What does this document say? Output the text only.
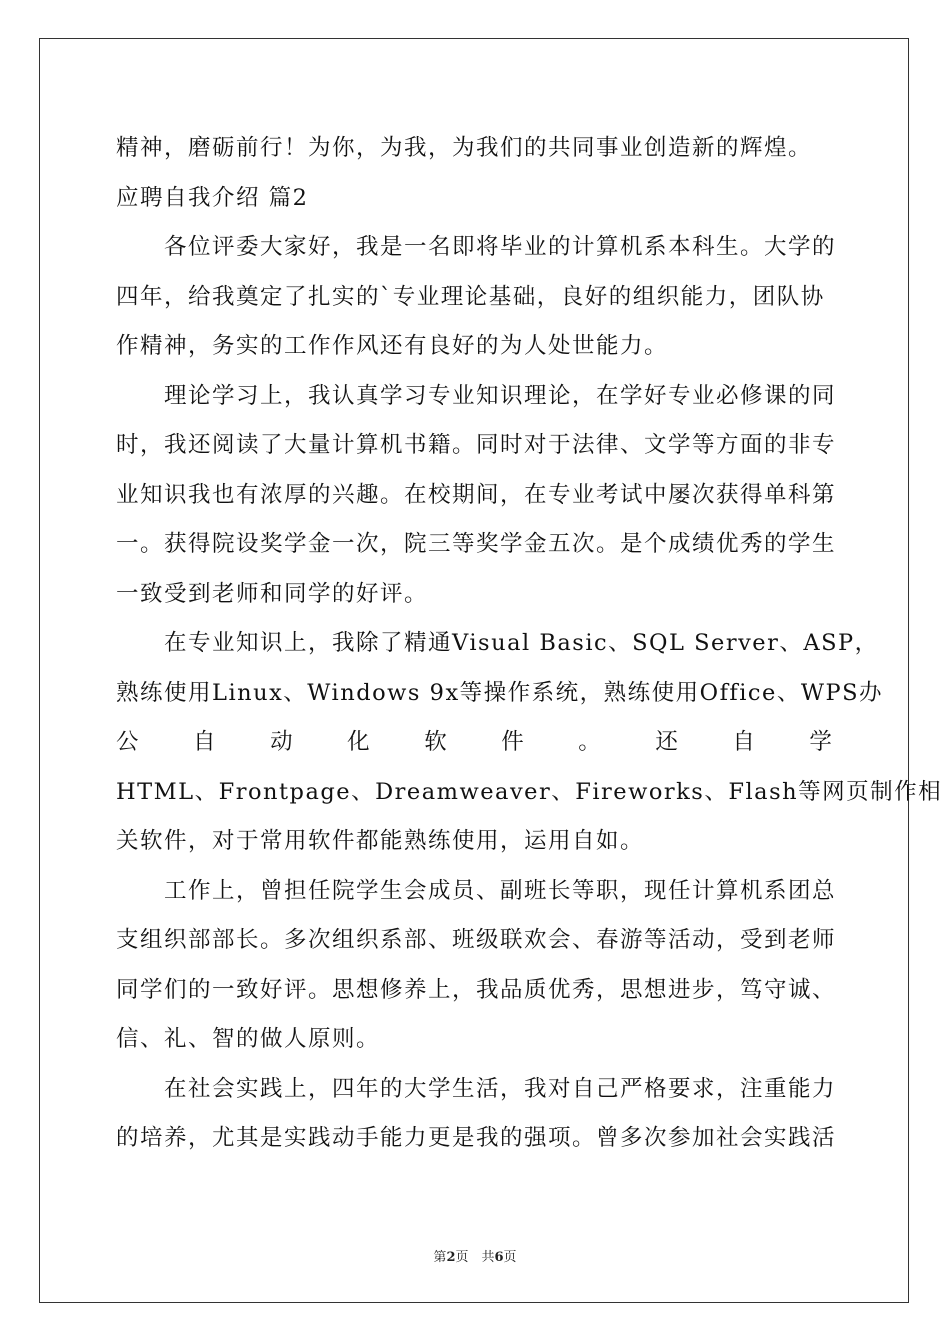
精神，磨砺前行！为你，为我，为我们的共同事业创造新的辉煌。
应聘自我介绍 篇2
各位评委大家好，我是一名即将毕业的计算机系本科生。大学的
四年，给我奠定了扎实的`专业理论基础，良好的组织能力，团队协
作精神，务实的工作作风还有良好的为人处世能力。
理论学习上，我认真学习专业知识理论，在学好专业必修课的同
时，我还阅读了大量计算机书籍。同时对于法律、文学等方面的非专
业知识我也有浓厚的兴趣。在校期间，在专业考试中屡次获得单科第
一。获得院设奖学金一次，院三等奖学金五次。是个成绩优秀的学生
一致受到老师和同学的好评。
在专业知识上，我除了精通Visual Basic、SQL Server、ASP，
熟练使用Linux、Windows 9x等操作系统，熟练使用Office、WPS办
公 自 动 化 软 件 。 还 自 学
HTML、Frontpage、Dreamweaver、Fireworks、Flash等网页制作相
关软件，对于常用软件都能熟练使用，运用自如。
工作上，曾担任院学生会成员、副班长等职，现任计算机系团总
支组织部部长。多次组织系部、班级联欢会、春游等活动，受到老师
同学们的一致好评。思想修养上，我品质优秀，思想进步，笃守诚、
信、礼、智的做人原则。
在社会实践上，四年的大学生活，我对自己严格要求，注重能力
的培养，尤其是实践动手能力更是我的强项。曾多次参加社会实践活
第2页　共6页
